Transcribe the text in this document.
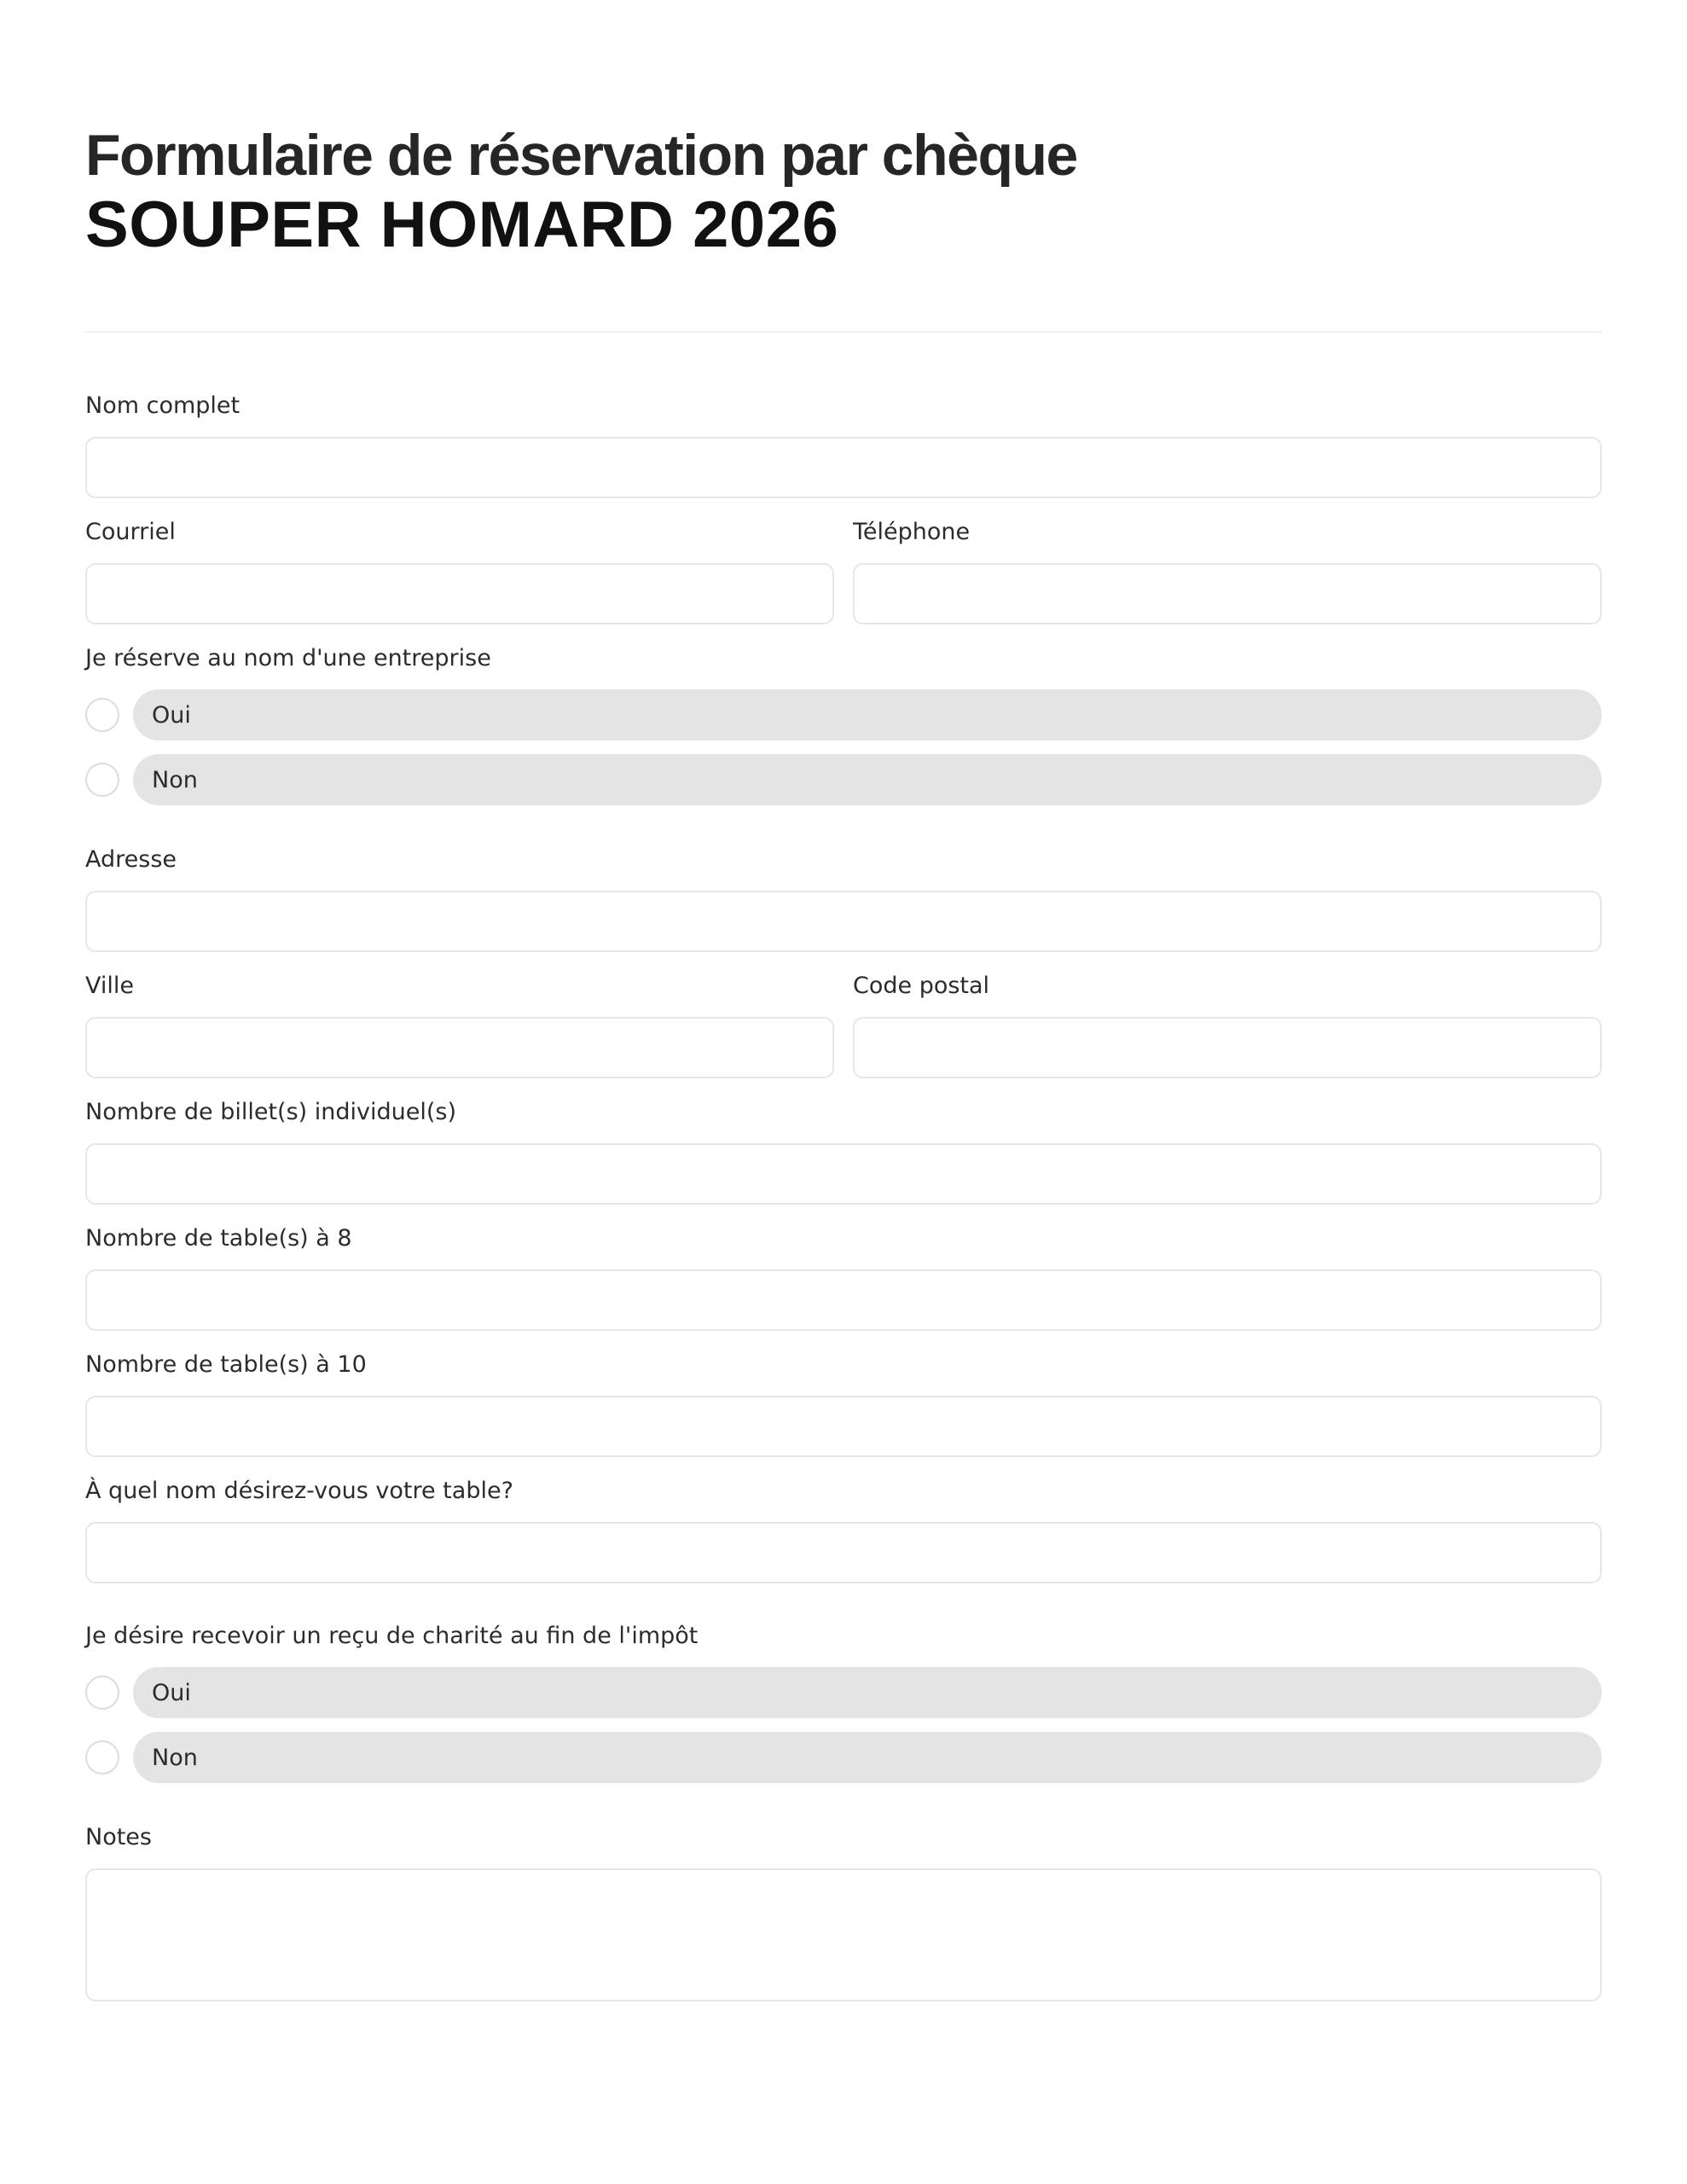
Formulaire de réservation par chèque
SOUPER HOMARD 2026
Nom complet
Courriel	Téléphone
Je réserve au nom d'une entreprise
Oui
Non
Adresse
Ville	Code postal
Nombre de billet(s) individuel(s)
Nombre de table(s) à 8
Nombre de table(s) à 10
À quel nom désirez-vous votre table?
Je désire recevoir un reçu de charité au fin de l'impôt
Oui
Non
Notes
